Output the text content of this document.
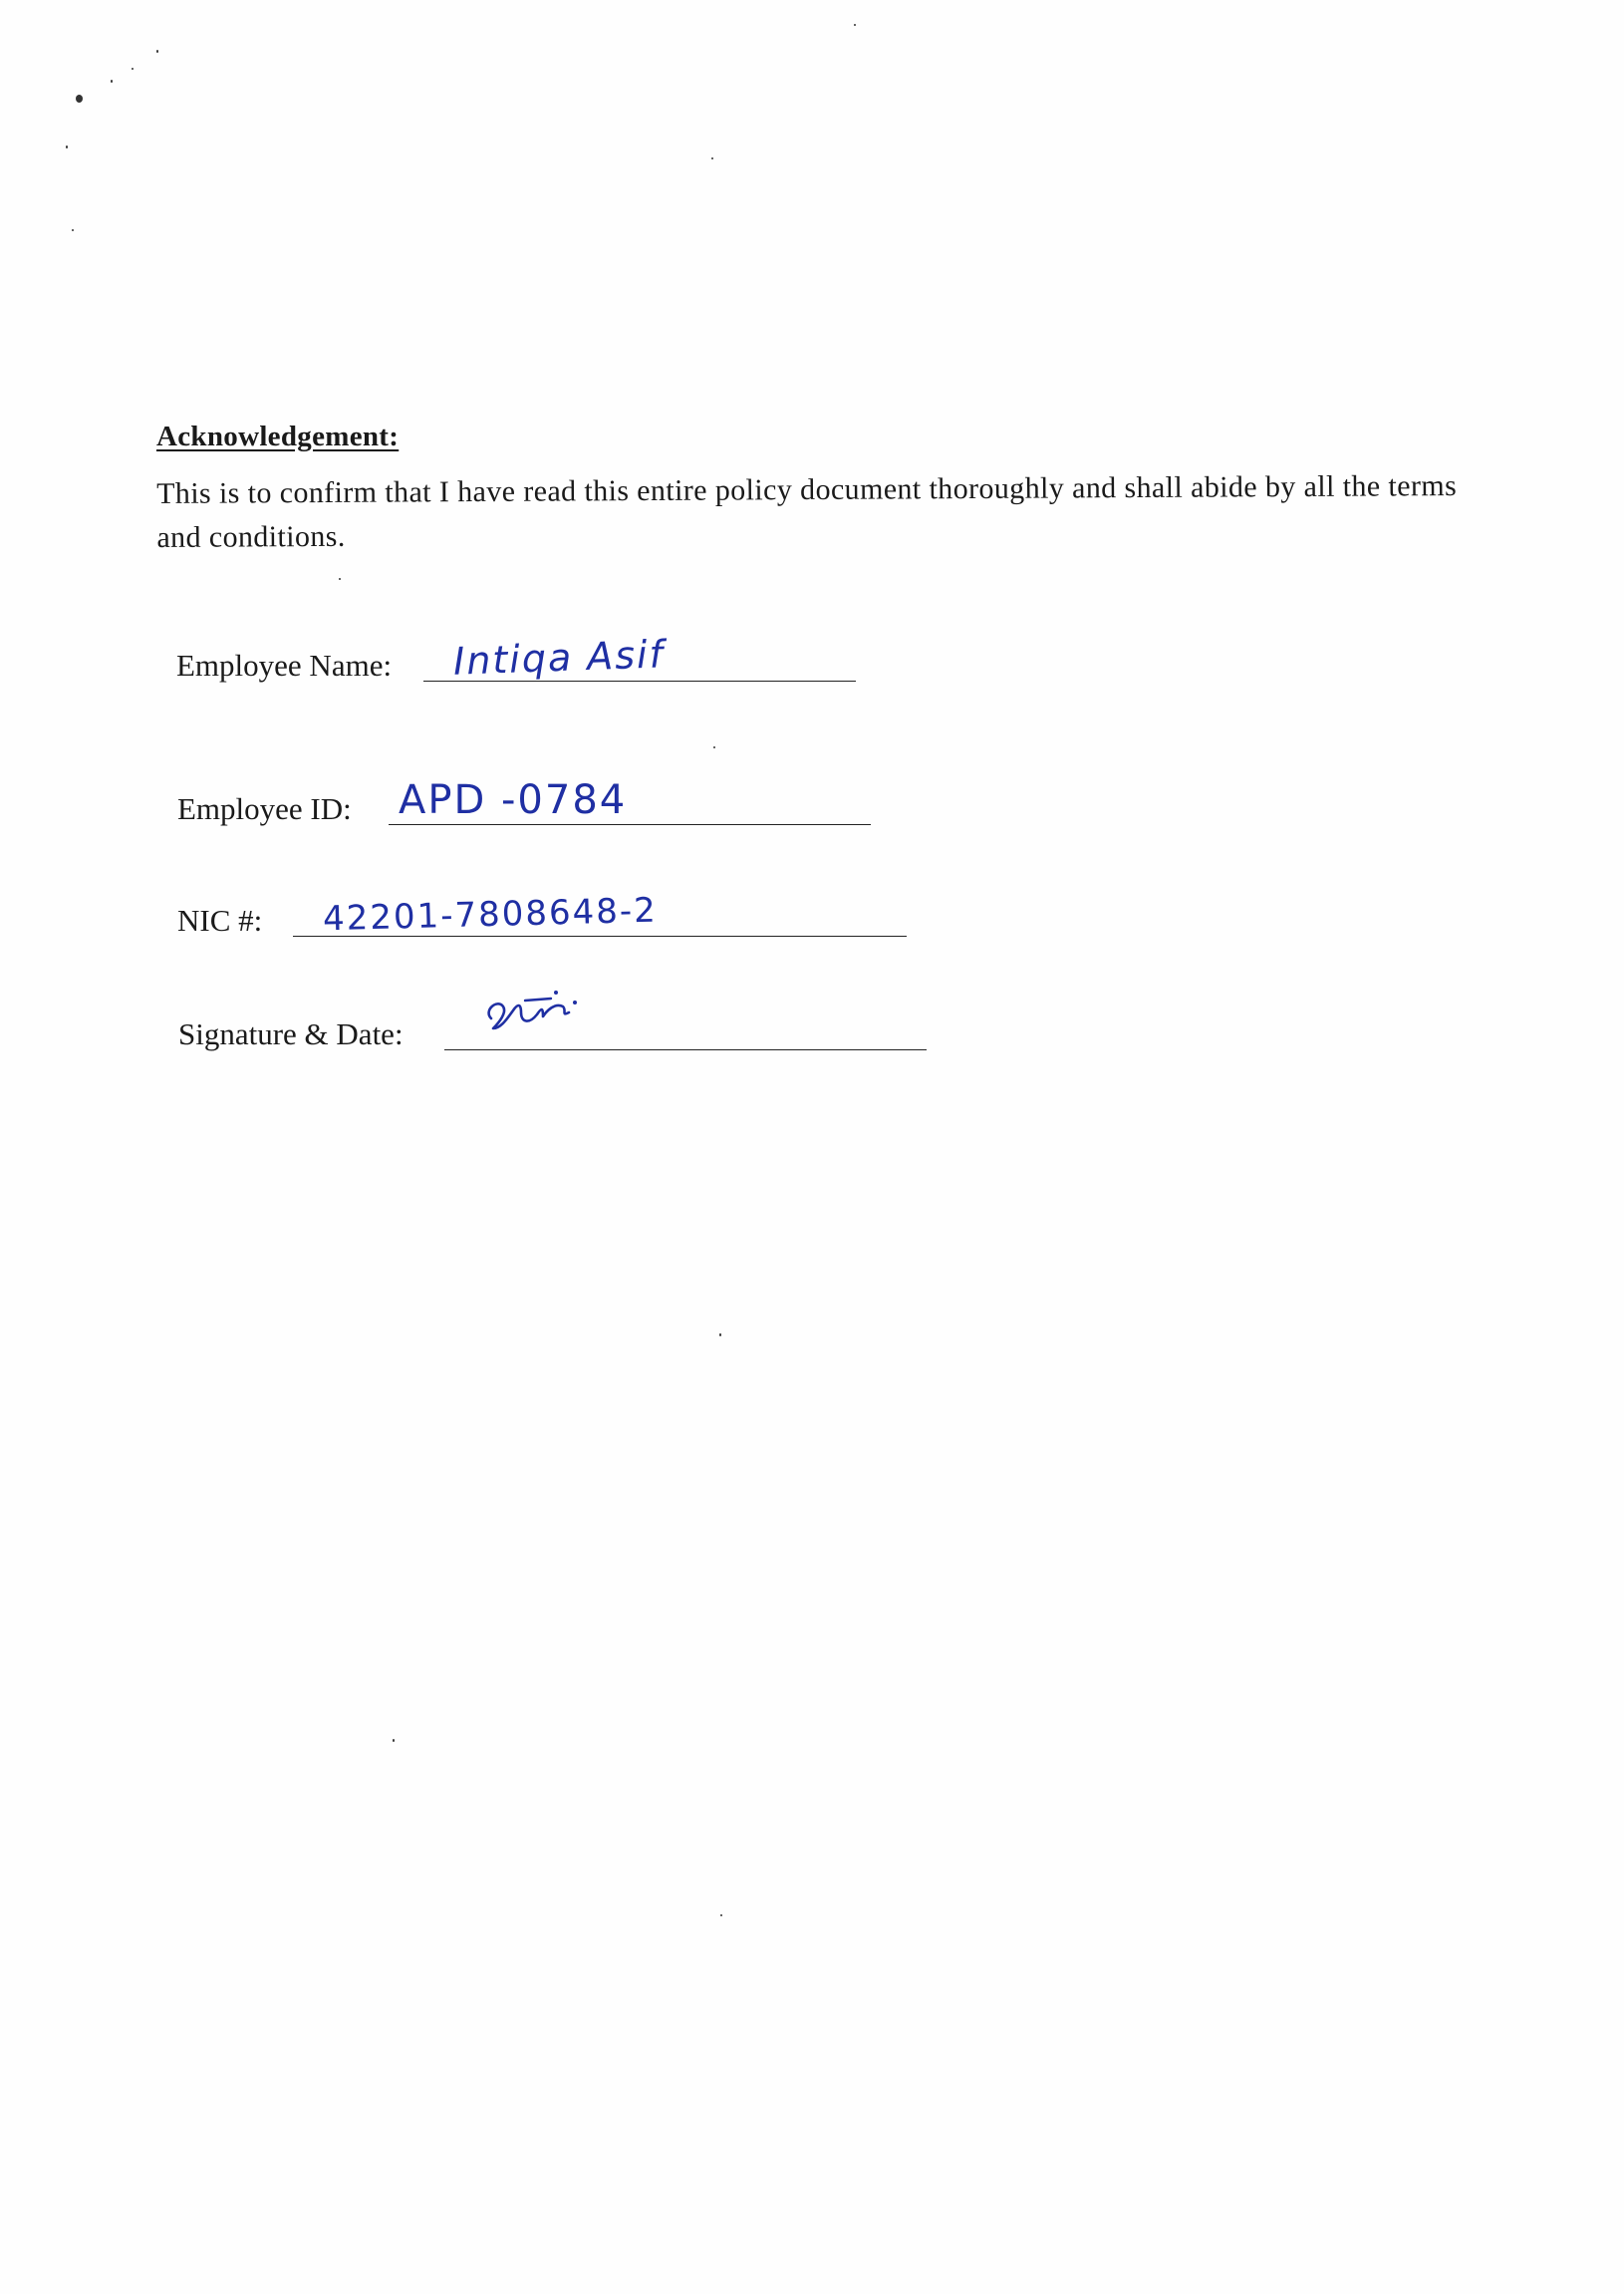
Acknowledgement:
This is to confirm that I have read this entire policy document thoroughly and shall abide by all the terms and conditions.
Employee Name: Intiqa Asif
Employee ID: APD -0784
NIC #: 42201-7808648-2
Signature & Date:
